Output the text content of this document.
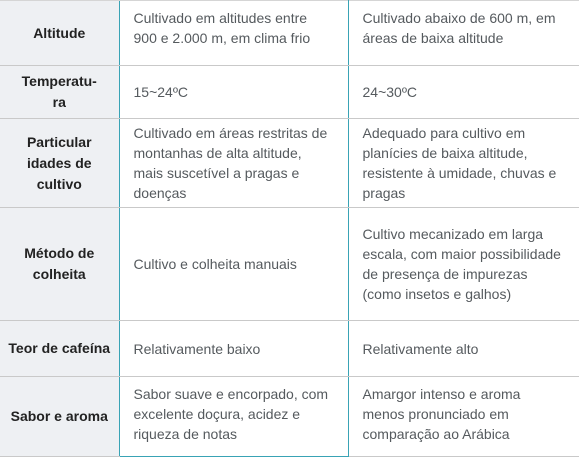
Altitude	Cultivado em altitudes entre 900 e 2.000 m, em clima frio	Cultivado abaixo de 600 m, em áreas de baixa altitude
Temperatu-
ra	15~24ºC	24~30ºC
Particular
idades de
cultivo	Cultivado em áreas restritas de montanhas de alta altitude, mais suscetível a pragas e doenças	Adequado para cultivo em planícies de baixa altitude, resistente à umidade, chuvas e pragas
Método de colheita	Cultivo e colheita manuais	Cultivo mecanizado em larga escala, com maior possibilidade de presença de impurezas (como insetos e galhos)
Teor de cafeína	Relativamente baixo	Relativamente alto
Sabor e aroma	Sabor suave e encorpado, com excelente doçura, acidez e riqueza de notas	Amargor intenso e aroma menos pronunciado em comparação ao Arábica
